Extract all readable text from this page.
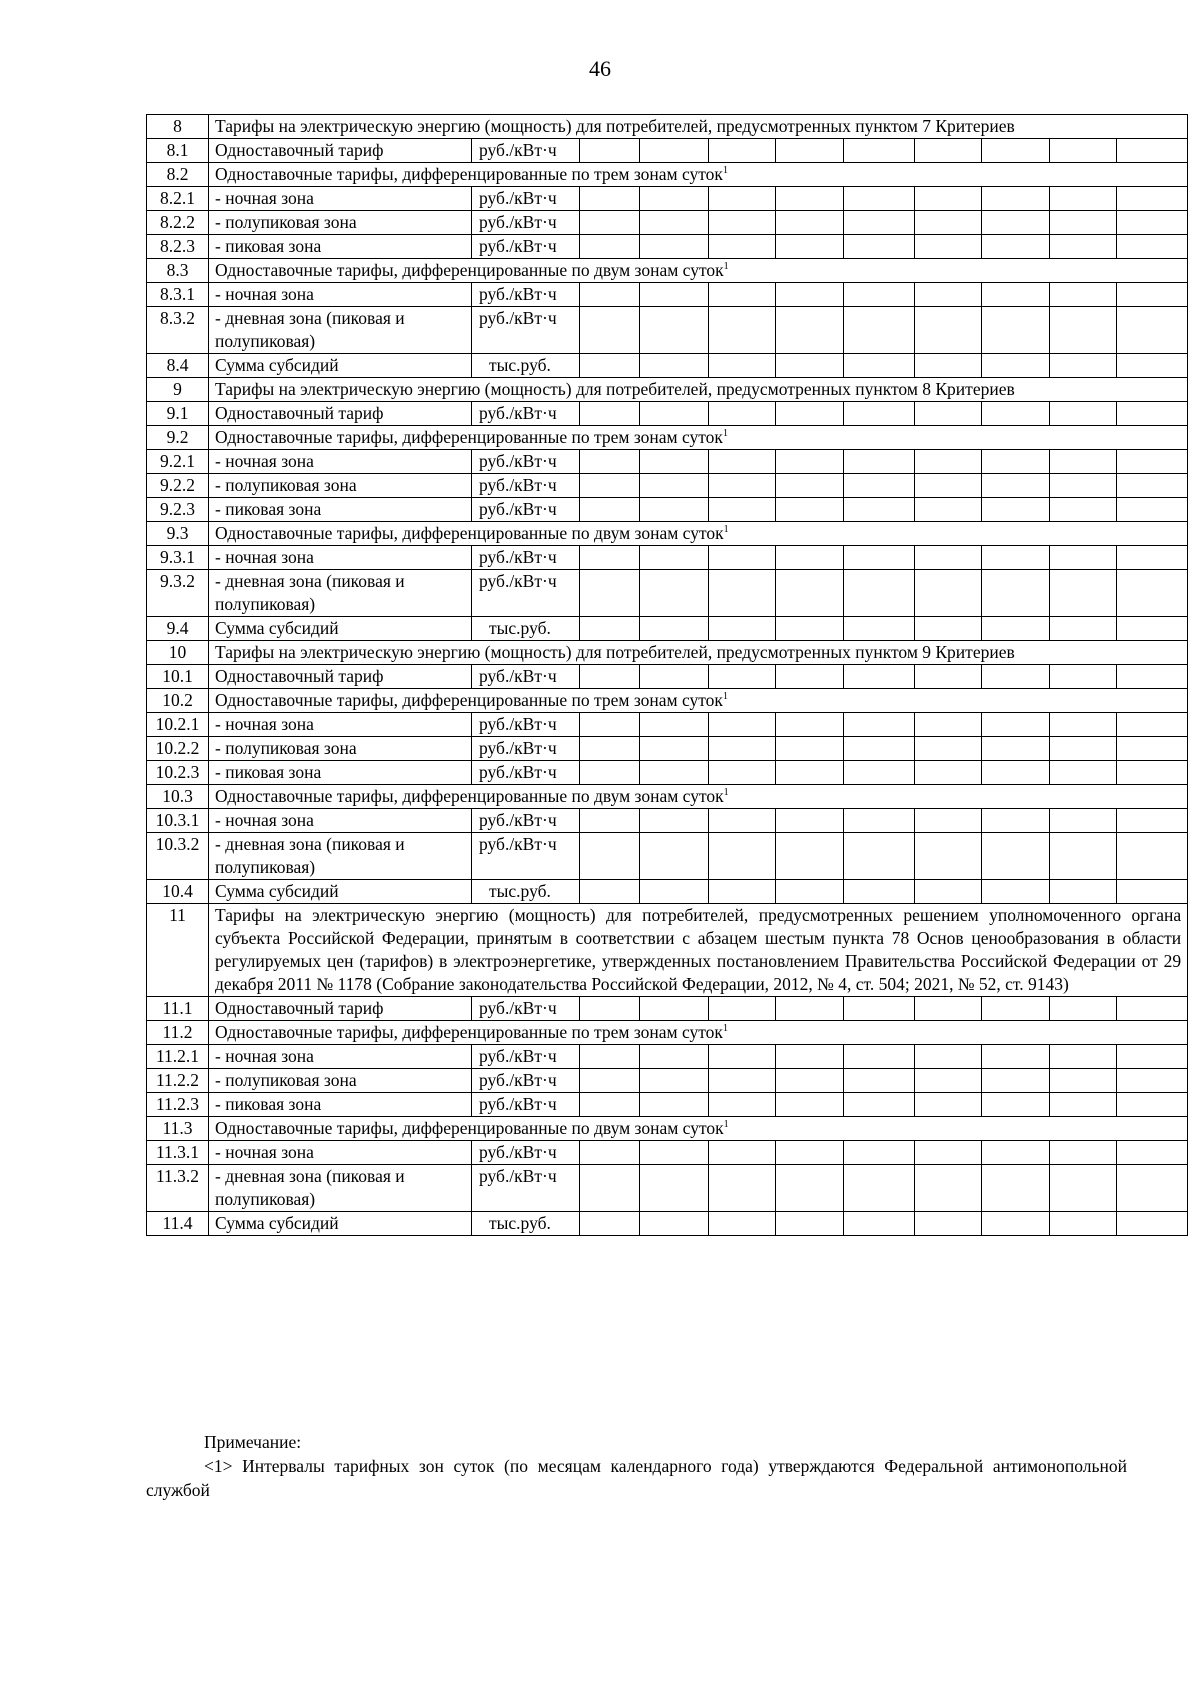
46
8	Тарифы на электрическую энергию (мощность) для потребителей, предусмотренных пунктом 7 Критериев										
8.1	Одноставочный тариф	руб./кВт·ч									
8.2	Одноставочные тарифы, дифференцированные по трем зонам суток$^1$
8.2.1	- ночная зона	руб./кВт·ч									
8.2.2	- полупиковая зона	руб./кВт·ч									
8.2.3	- пиковая зона	руб./кВт·ч									
8.3	Одноставочные тарифы, дифференцированные по двум зонам суток$^1$
8.3.1	- ночная зона	руб./кВт·ч									
8.3.2	- дневная зона (пиковая и полупиковая)	руб./кВт·ч									
8.4	Сумма субсидий	тыс.руб.									
9	Тарифы на электрическую энергию (мощность) для потребителей, предусмотренных пунктом 8 Критериев										
9.1	Одноставочный тариф	руб./кВт·ч									
9.2	Одноставочные тарифы, дифференцированные по трем зонам суток$^1$
9.2.1	- ночная зона	руб./кВт·ч									
9.2.2	- полупиковая зона	руб./кВт·ч									
9.2.3	- пиковая зона	руб./кВт·ч									
9.3	Одноставочные тарифы, дифференцированные по двум зонам суток$^1$
9.3.1	- ночная зона	руб./кВт·ч									
9.3.2	- дневная зона (пиковая и полупиковая)	руб./кВт·ч									
9.4	Сумма субсидий	тыс.руб.									
10	Тарифы на электрическую энергию (мощность) для потребителей, предусмотренных пунктом 9 Критериев										
10.1	Одноставочный тариф	руб./кВт·ч									
10.2	Одноставочные тарифы, дифференцированные по трем зонам суток$^1$
10.2.1	- ночная зона	руб./кВт·ч									
10.2.2	- полупиковая зона	руб./кВт·ч									
10.2.3	- пиковая зона	руб./кВт·ч									
10.3	Одноставочные тарифы, дифференцированные по двум зонам суток$^1$
10.3.1	- ночная зона	руб./кВт·ч									
10.3.2	- дневная зона (пиковая и полупиковая)	руб./кВт·ч									
10.4	Сумма субсидий	тыс.руб.									
11	Тарифы на электрическую энергию (мощность) для потребителей, предусмотренных решением уполномоченного органа субъекта Российской Федерации, принятым в соответствии с абзацем шестым пункта 78 Основ ценообразования в области регулируемых цен (тарифов) в электроэнергетике, утвержденных постановлением Правительства Российской Федерации от 29 декабря 2011 № 1178 (Собрание законодательства Российской Федерации, 2012, № 4, ст. 504; 2021, № 52, ст. 9143)										
11.1	Одноставочный тариф	руб./кВт·ч									
11.2	Одноставочные тарифы, дифференцированные по трем зонам суток$^1$
11.2.1	- ночная зона	руб./кВт·ч									
11.2.2	- полупиковая зона	руб./кВт·ч									
11.2.3	- пиковая зона	руб./кВт·ч									
11.3	Одноставочные тарифы, дифференцированные по двум зонам суток$^1$
11.3.1	- ночная зона	руб./кВт·ч									
11.3.2	- дневная зона (пиковая и полупиковая)	руб./кВт·ч									
11.4	Сумма субсидий	тыс.руб.									

Примечание:

<1> Интервалы тарифных зон суток (по месяцам календарного года) утверждаются Федеральной антимонопольной службой
